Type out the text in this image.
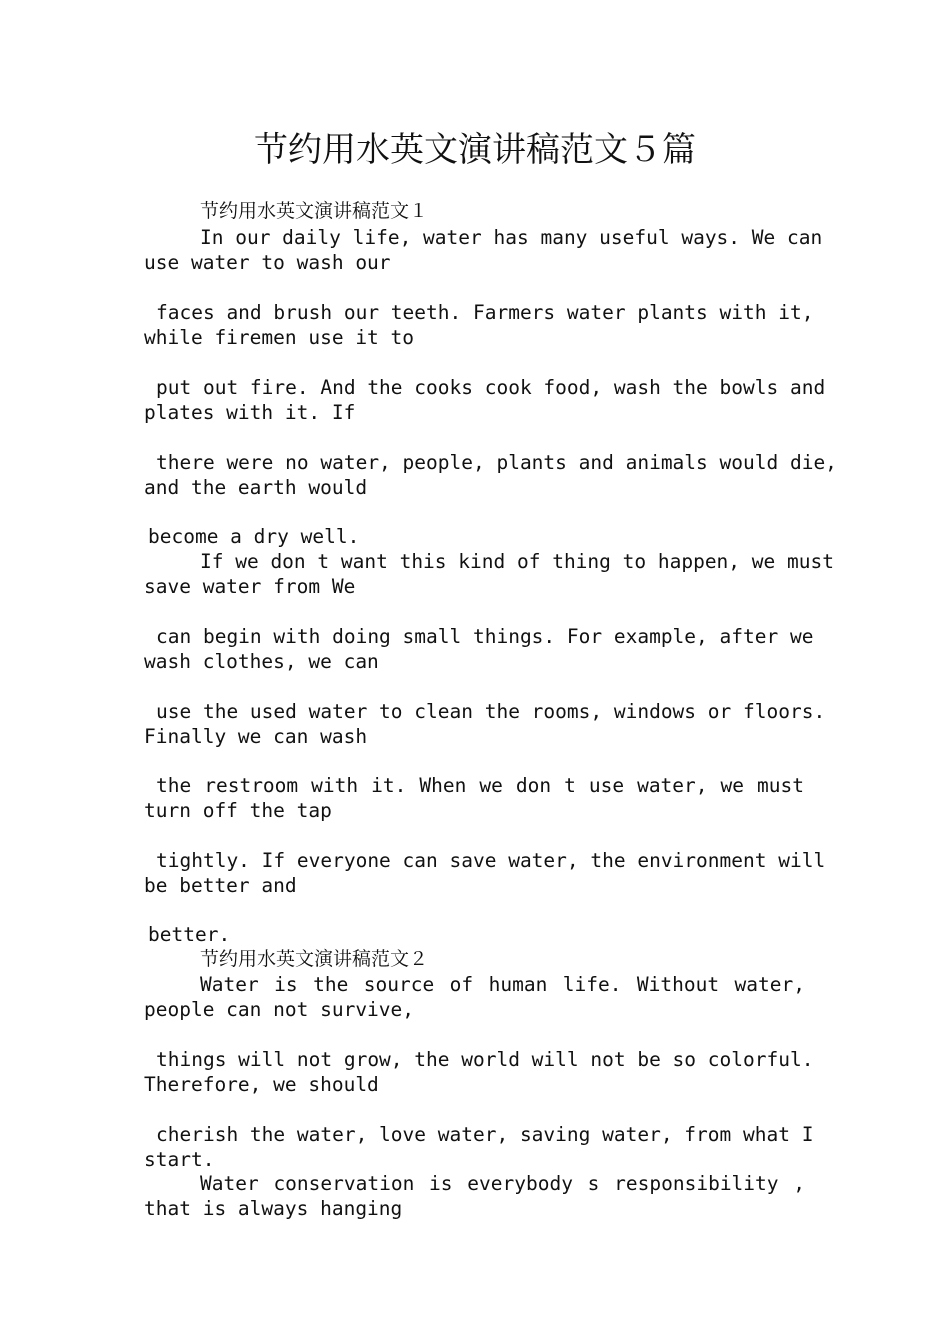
节约用水英文演讲稿范文５篇
节约用水英文演讲稿范文１
In our daily life, water has many useful ways. We can
use water to wash our
faces and brush our teeth. Farmers water plants with it,
while firemen use it to
put out fire. And the cooks cook food, wash the bowls and
plates with it. If
there were no water, people, plants and animals would die,
and the earth would
become a dry well.
If we don t want this kind of thing to happen, we must
save water from We
can begin with doing small things. For example, after we
wash clothes, we can
use the used water to clean the rooms, windows or floors.
Finally we can wash
the restroom with it. When we don t use water, we must
turn off the tap
tightly. If everyone can save water, the environment will
be better and
better.
节约用水英文演讲稿范文２
Water is the source of human life. Without water,
people can not survive,
things will not grow, the world will not be so colorful.
Therefore, we should
cherish the water, love water, saving water, from what I
start.
Water conservation is everybody s responsibility ,
that is always hanging
